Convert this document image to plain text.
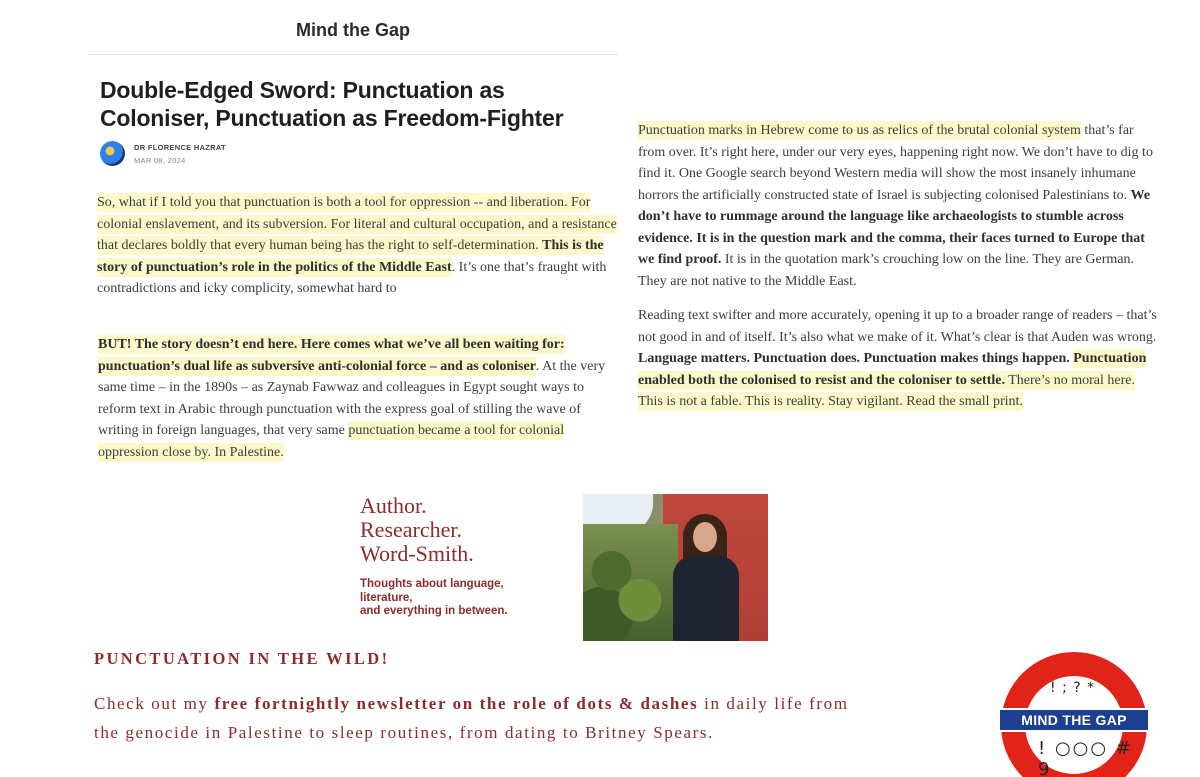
Mind the Gap
Double-Edged Sword: Punctuation as Coloniser, Punctuation as Freedom-Fighter
DR FLORENCE HAZRAT
MAR 08, 2024

So, what if I told you that punctuation is both a tool for oppression -- and liberation. For colonial enslavement, and its subversion. For literal and cultural occupation, and a resistance that declares boldly that every human being has the right to self-determination. This is the story of punctuation’s role in the politics of the Middle East. It’s one that’s fraught with contradictions and icky complicity, somewhat hard to

BUT! The story doesn’t end here. Here comes what we’ve all been waiting for: punctuation’s dual life as subversive anti-colonial force – and as coloniser. At the very same time – in the 1890s – as Zaynab Fawwaz and colleagues in Egypt sought ways to reform text in Arabic through punctuation with the express goal of stilling the wave of writing in foreign languages, that very same punctuation became a tool for colonial oppression close by. In Palestine.

Punctuation marks in Hebrew come to us as relics of the brutal colonial system that’s far from over. It’s right here, under our very eyes, happening right now. We don’t have to dig to find it. One Google search beyond Western media will show the most insanely inhumane horrors the artificially constructed state of Israel is subjecting colonised Palestinians to. We don’t have to rummage around the language like archaeologists to stumble across evidence. It is in the question mark and the comma, their faces turned to Europe that we find proof. It is in the quotation mark’s crouching low on the line. They are German. They are not native to the Middle East.

Reading text swifter and more accurately, opening it up to a broader range of readers – that’s not good in and of itself. It’s also what we make of it. What’s clear is that Auden was wrong. Language matters. Punctuation does. Punctuation makes things happen. Punctuation enabled both the colonised to resist and the coloniser to settle. There’s no moral here. This is not a fable. This is reality. Stay vigilant. Read the small print.

Author.
Researcher.
Word-Smith.
Thoughts about language,
literature,
and everything in between.
PUNCTUATION IN THE WILD!

Check out my free fortnightly newsletter on the role of dots & dashes in daily life from the genocide in Palestine to sleep routines, from dating to Britney Spears.

! ; ? *
MIND THE GAP
! ○○○ # 9
